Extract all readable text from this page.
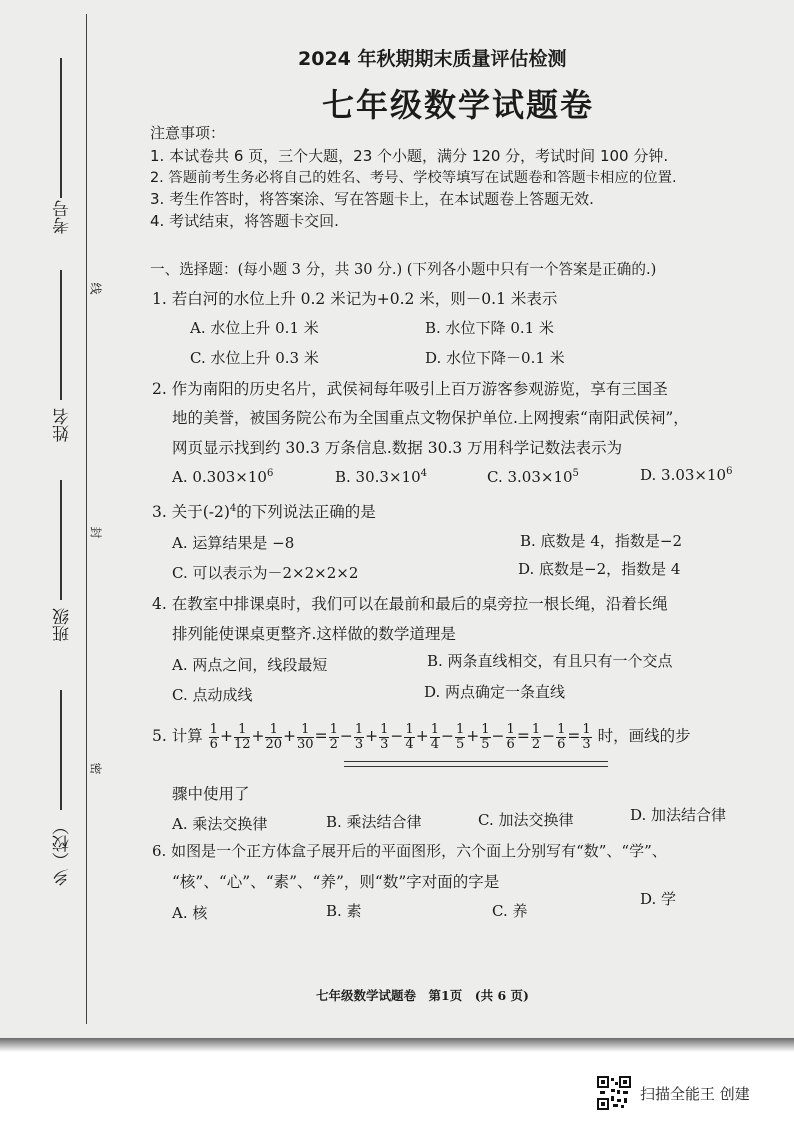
考号
姓名
班级
乡（校）
线
封
密
2024 年秋期期末质量评估检测
七年级数学试题卷
注意事项：
1. 本试卷共 6 页，三个大题，23 个小题，满分 120 分，考试时间 100 分钟.
2. 答题前考生务必将自己的姓名、考号、学校等填写在试题卷和答题卡相应的位置.
3. 考生作答时，将答案涂、写在答题卡上，在本试题卷上答题无效.
4. 考试结束，将答题卡交回.
一、选择题：(每小题 3 分，共 30 分.) (下列各小题中只有一个答案是正确的.)
1. 若白河的水位上升 0.2 米记为+0.2 米，则－0.1 米表示
A. 水位上升 0.1 米	B. 水位下降 0.1 米
C. 水位上升 0.3 米	D. 水位下降－0.1 米
2. 作为南阳的历史名片，武侯祠每年吸引上百万游客参观游览，享有三国圣
地的美誉，被国务院公布为全国重点文物保护单位.上网搜索“南阳武侯祠”，
网页显示找到约 30.3 万条信息.数据 30.3 万用科学记数法表示为
A. $0.303\times 10^6$	B. $30.3\times 10^4$	C. $3.03\times 10^5$	D. $3.03\times 10^6$
3. 关于$(-2)^4$的下列说法正确的是
A. 运算结果是 −8	B. 底数是 4，指数是−2
C. 可以表示为－2×2×2×2	D. 底数是−2，指数是 4
4. 在教室中排课桌时，我们可以在最前和最后的桌旁拉一根长绳，沿着长绳
排列能使课桌更整齐.这样做的数学道理是
A. 两点之间，线段最短	B. 两条直线相交，有且只有一个交点
C. 点动成线	D. 两点确定一条直线
5. 计算 $\frac{1}{6} + \frac{1}{12} + \frac{1}{20} + \frac{1}{30} = \frac{1}{2} - \frac{1}{3} + \frac{1}{3} - \frac{1}{4} + \frac{1}{4} - \frac{1}{5} + \frac{1}{5} - \frac{1}{6} = \frac{1}{2} - \frac{1}{6} = \frac{1}{3}$ 时，画线的步
骤中使用了
A. 乘法交换律	B. 乘法结合律	C. 加法交换律	D. 加法结合律
6. 如图是一个正方体盒子展开后的平面图形，六个面上分别写有“数”、“学”、
“核”、“心”、“素”、“养”，则“数”字对面的字是
A. 核	B. 素	C. 养
D. 学
七年级数学试题卷　第1页　(共 6 页)
扫描全能王 创建
